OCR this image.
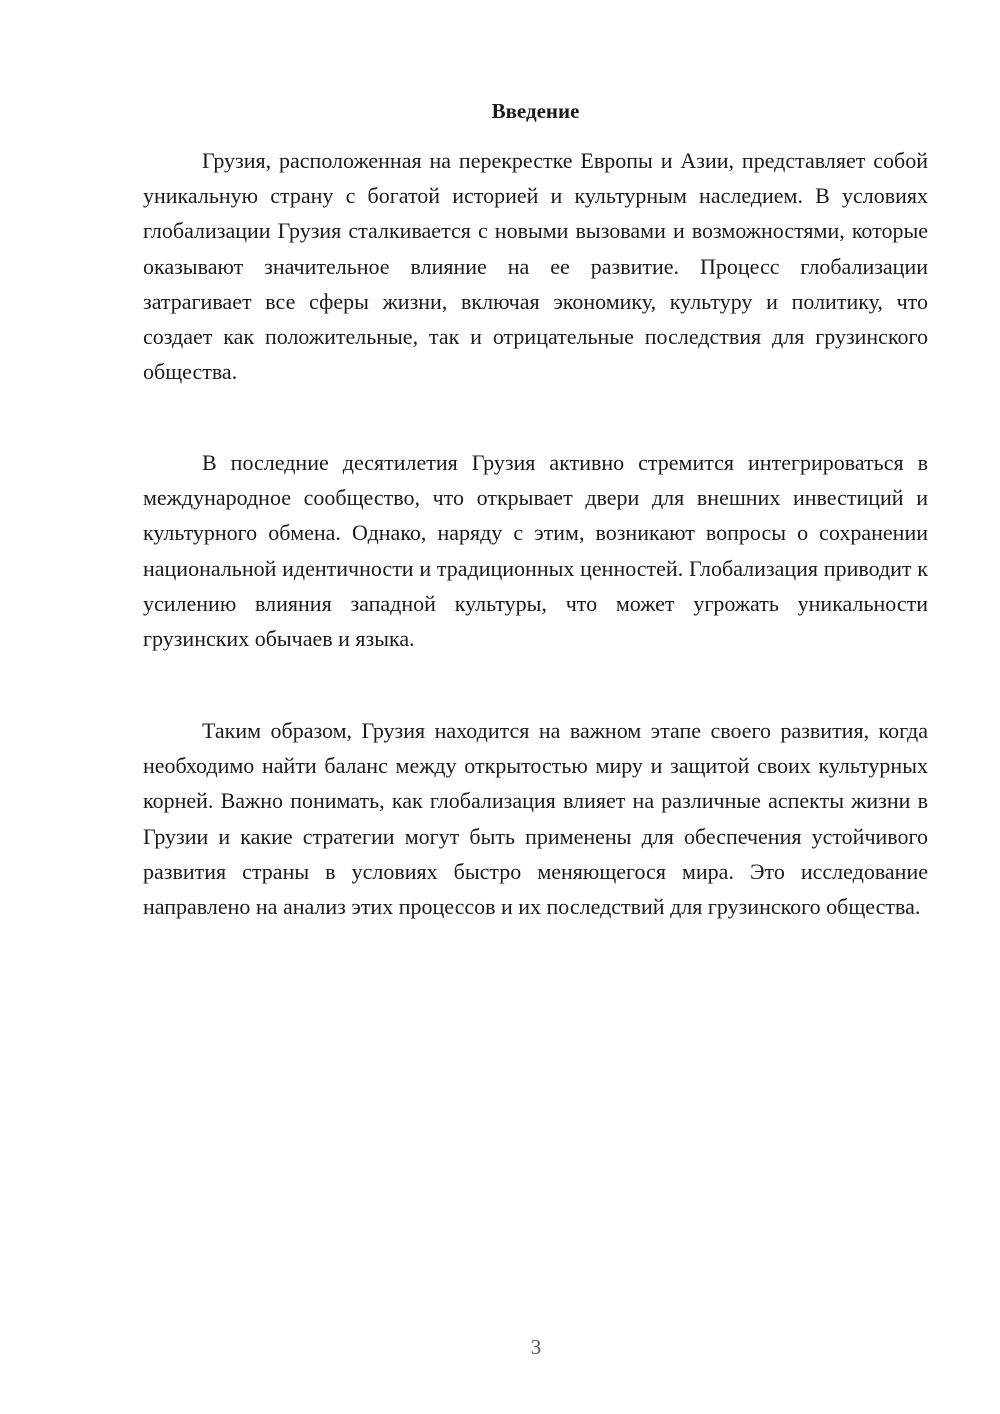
Введение

Грузия, расположенная на перекрестке Европы и Азии, представляет собой уникальную страну с богатой историей и культурным наследием. В условиях глобализации Грузия сталкивается с новыми вызовами и возможностями, которые оказывают значительное влияние на ее развитие. Процесс глобализации затрагивает все сферы жизни, включая экономику, культуру и политику, что создает как положительные, так и отрицательные последствия для грузинского общества.

В последние десятилетия Грузия активно стремится интегрироваться в международное сообщество, что открывает двери для внешних инвестиций и культурного обмена. Однако, наряду с этим, возникают вопросы о сохранении национальной идентичности и традиционных ценностей. Глобализация приводит к усилению влияния западной культуры, что может угрожать уникальности грузинских обычаев и языка.

Таким образом, Грузия находится на важном этапе своего развития, когда необходимо найти баланс между открытостью миру и защитой своих культурных корней. Важно понимать, как глобализация влияет на различные аспекты жизни в Грузии и какие стратегии могут быть применены для обеспечения устойчивого развития страны в условиях быстро меняющегося мира. Это исследование направлено на анализ этих процессов и их последствий для грузинского общества.

3
